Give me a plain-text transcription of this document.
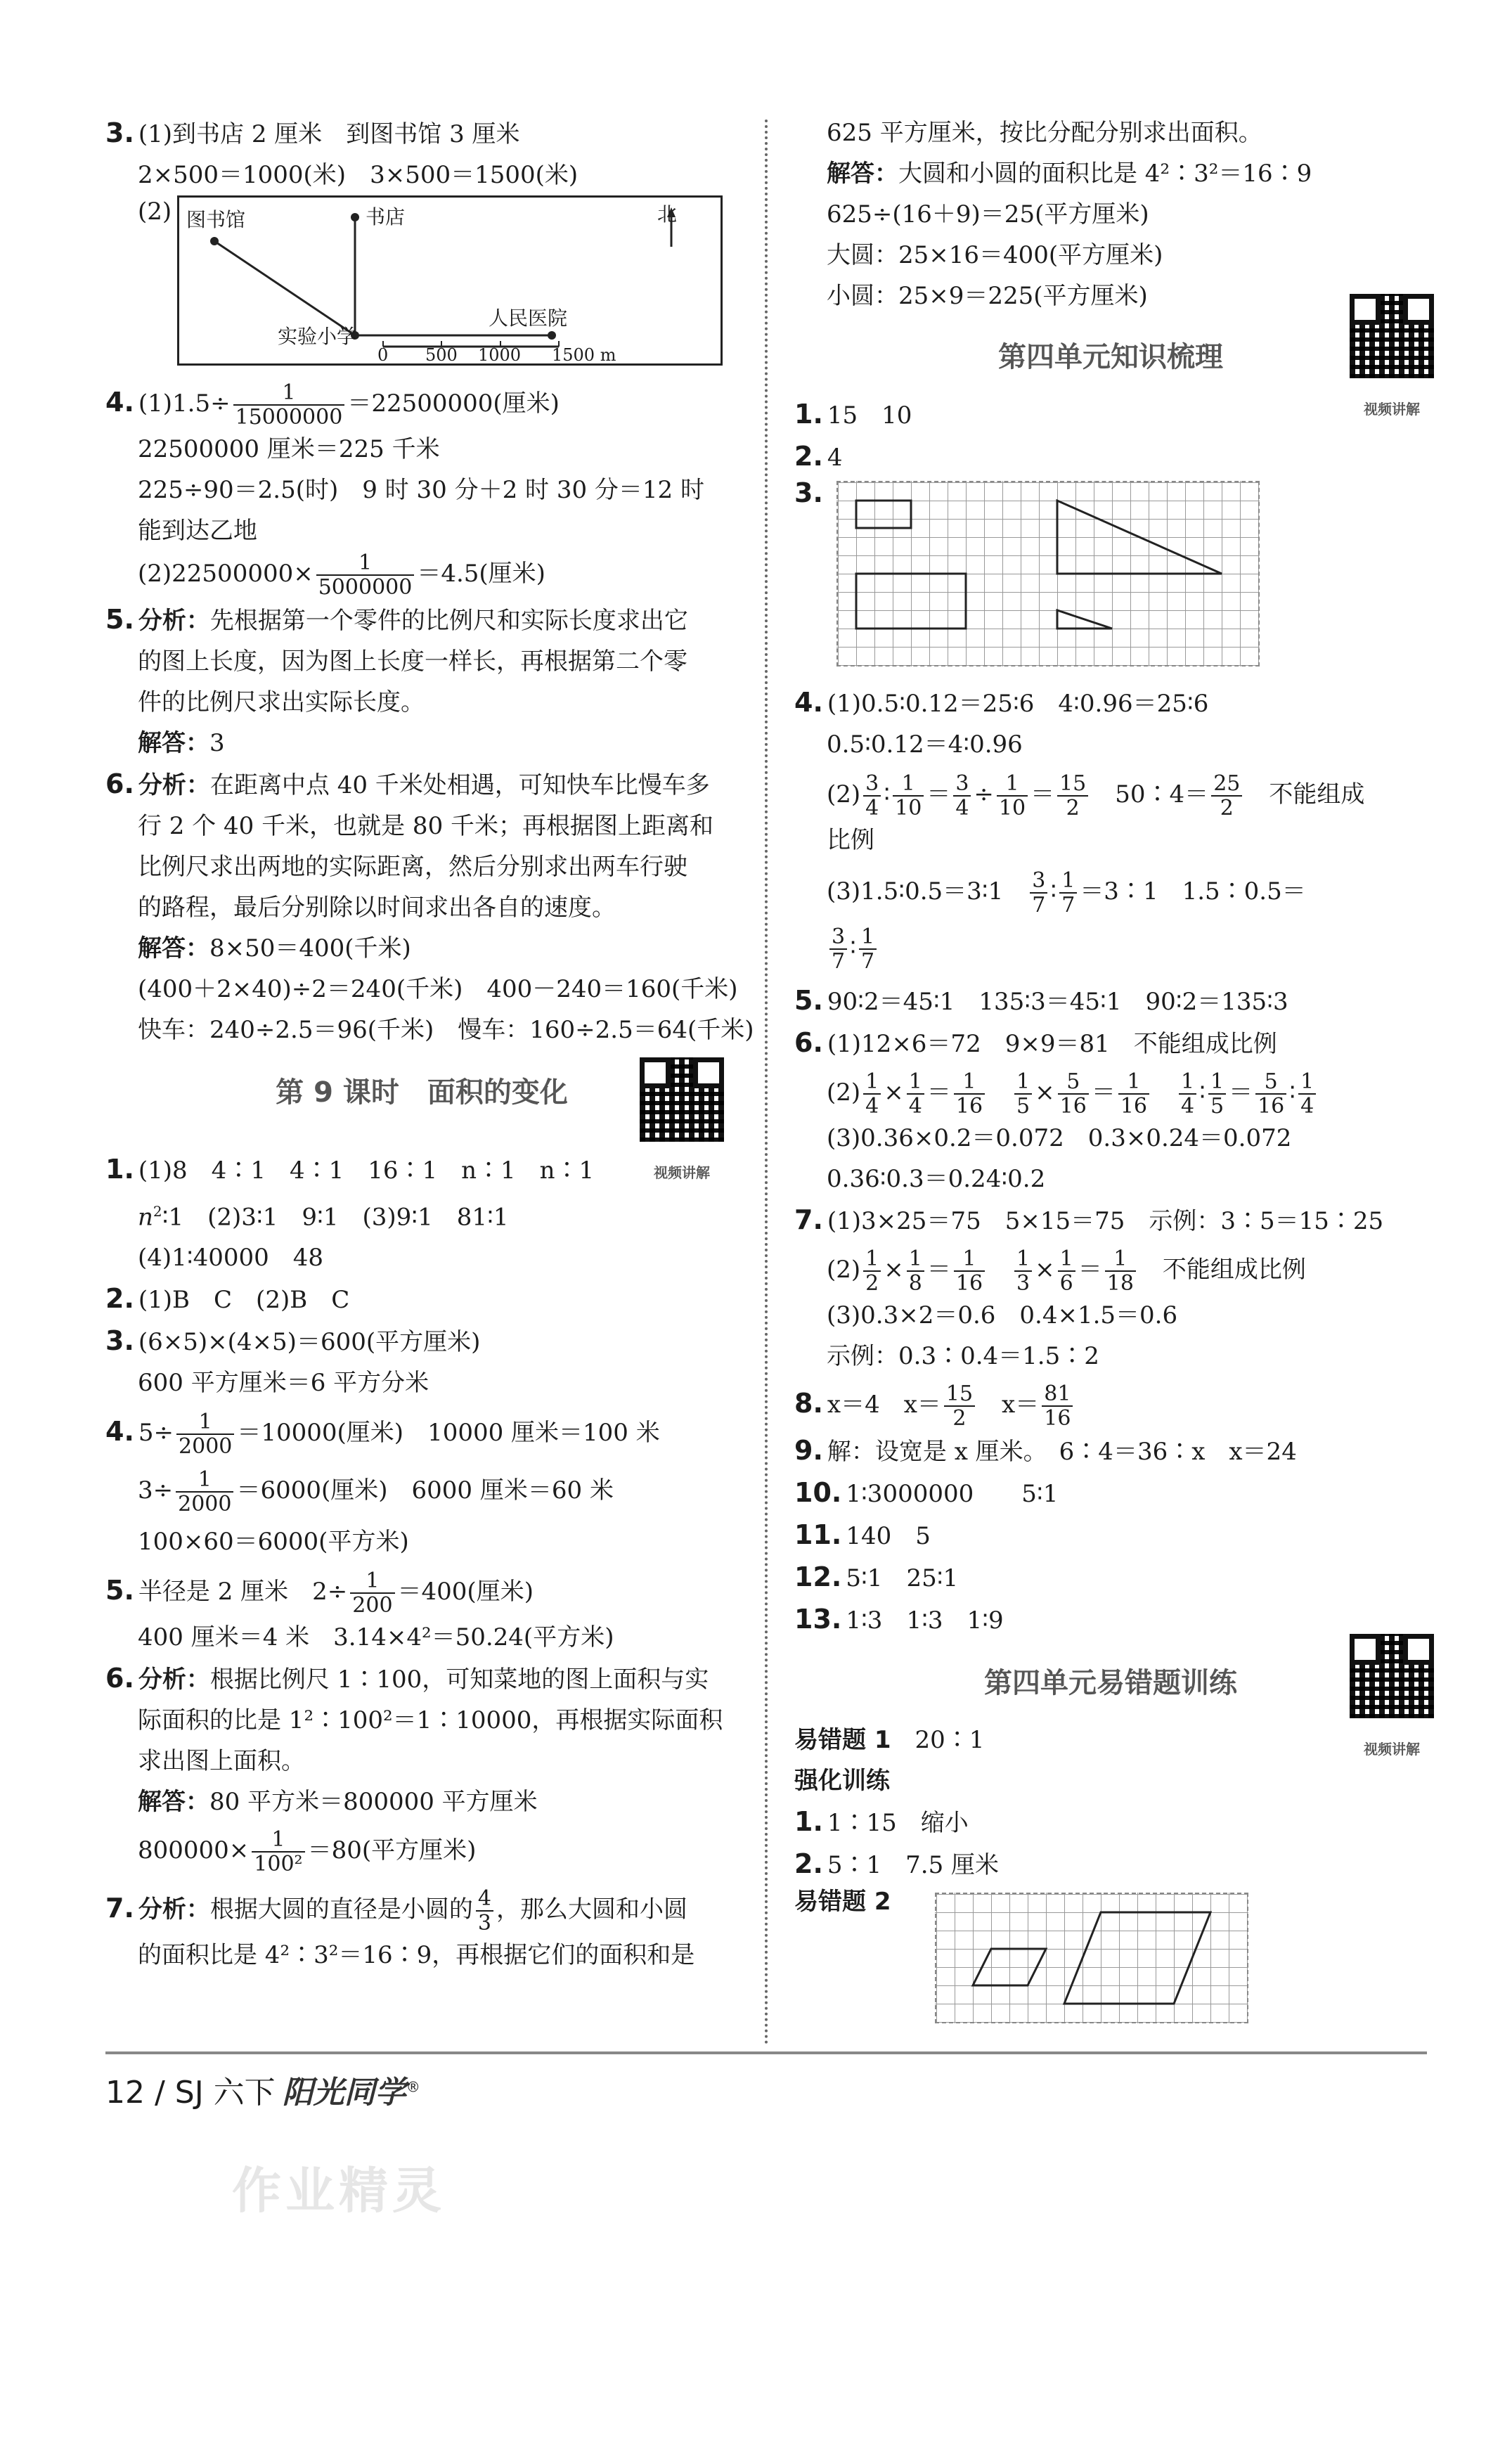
3. (1)到书店 2 厘米　到图书馆 3 厘米

2×500＝1000(米)　3×500＝1500(米)

(2) 图书馆	书店
实验小学
人民医院
北
0 500 1000 1500 m

4. $(1)1.5\div \frac{1}{15000000} =22500000$(厘米)

22500000 厘米＝225 千米

225÷90＝2.5(时)　9 时 30 分＋2 时 30 分＝12 时

能到达乙地

$(2)22500000\times \frac{1}{5000000} =4.5$(厘米)

5. 分析：先根据第一个零件的比例尺和实际长度求出它

的图上长度，因为图上长度一样长，再根据第二个零

件的比例尺求出实际长度。

解答：3

6. 分析：在距离中点 40 千米处相遇，可知快车比慢车多

行 2 个 40 千米，也就是 80 千米；再根据图上距离和

比例尺求出两地的实际距离，然后分别求出两车行驶

的路程，最后分别除以时间求出各自的速度。

解答：8×50＝400(千米)

(400＋2×40)÷2＝240(千米)　400－240＝160(千米)

快车：240÷2.5＝96(千米)　慢车：160÷2.5＝64(千米)

第 9 课时　面积的变化
视频讲解

1. (1)8　4∶1　4∶1　16∶1　n∶1　n∶1

$n^2∶1$　(2)3∶1　9∶1　(3)9∶1　81∶1

(4)1∶40000　48

2. (1)B　C　(2)B　C

3. (6×5)×(4×5)＝600(平方厘米)

600 平方厘米＝6 平方分米

4. $5\div \frac{1}{2000} =10000$(厘米)　10000 厘米＝100 米

$3\div \frac{1}{2000} =6000$(厘米)　6000 厘米＝60 米

100×60＝6000(平方米)

5. 半径是 2 厘米　$2\div \frac{1}{200} =400$(厘米)

400 厘米＝4 米　3.14×4²＝50.24(平方米)

6. 分析：根据比例尺 1∶100，可知菜地的图上面积与实

际面积的比是 1²∶100²＝1∶10000，再根据实际面积

求出图上面积。

解答：80 平方米＝800000 平方厘米

$800000\times \frac{1}{\text{100²}} =80$(平方厘米)

7. 分析：根据大圆的直径是小圆的 $\frac{4}{3}$ ，那么大圆和小圆

的面积比是 4²∶3²＝16∶9，再根据它们的面积和是

625 平方厘米，按比分配分别求出面积。

解答：大圆和小圆的面积比是 4²∶3²＝16∶9

625÷(16＋9)＝25(平方厘米)

大圆：25×16＝400(平方厘米)

小圆：25×9＝225(平方厘米)

第四单元知识梳理
视频讲解

1. 15　10

2. 4

3.

4. (1)0.5∶0.12＝25∶6　4∶0.96＝25∶6

0.5∶0.12＝4∶0.96

$(2) \frac{3}{4}$ ∶ $\frac{1}{10} = \frac{3}{4} \div \frac{1}{10} = \frac{15}{2}$ 　50∶4＝ $\frac{25}{2}$ 　不能组成

比例

(3)1.5∶0.5＝3∶1　 $\frac{3}{7}$ ∶ $\frac{1}{7}$ ＝3∶1　1.5∶0.5＝

$\frac{3}{7}$ ∶ $\frac{1}{7}$

5. 90∶2＝45∶1　135∶3＝45∶1　90∶2＝135∶3

6. (1)12×6＝72　9×9＝81　不能组成比例

$(2) \frac{1}{4} \times \frac{1}{4} = \frac{1}{16}$
　 $\frac{1}{5} \times \frac{5}{16} = \frac{1}{16}$
　 $\frac{1}{4}$ ∶ $\frac{1}{5} = \frac{5}{16}$ ∶ $\frac{1}{4}$

(3)0.36×0.2＝0.072　0.3×0.24＝0.072

0.36∶0.3＝0.24∶0.2

7. (1)3×25＝75　5×15＝75　示例：3∶5＝15∶25

$(2) \frac{1}{2} \times \frac{1}{8} = \frac{1}{16}$
　 $\frac{1}{3} \times \frac{1}{6} = \frac{1}{18}$ 　不能组成比例

(3)0.3×2＝0.6　0.4×1.5＝0.6

示例：0.3∶0.4＝1.5∶2

8. x＝4　$x= \frac{15}{2}$ 　$x= \frac{81}{16}$

9. 解：设宽是 x 厘米。　6∶4＝36∶x　x＝24

10. 1∶3000000　　5∶1

11. 140　5

12. 5∶1　25∶1

13. 1∶3　1∶3　1∶9

第四单元易错题训练
视频讲解

易错题 1　 20∶1

强化训练

1. 1∶15　缩小

2. 5∶1　7.5 厘米

易错题 2
12 / SJ 六下 阳光同学®
作业精灵
